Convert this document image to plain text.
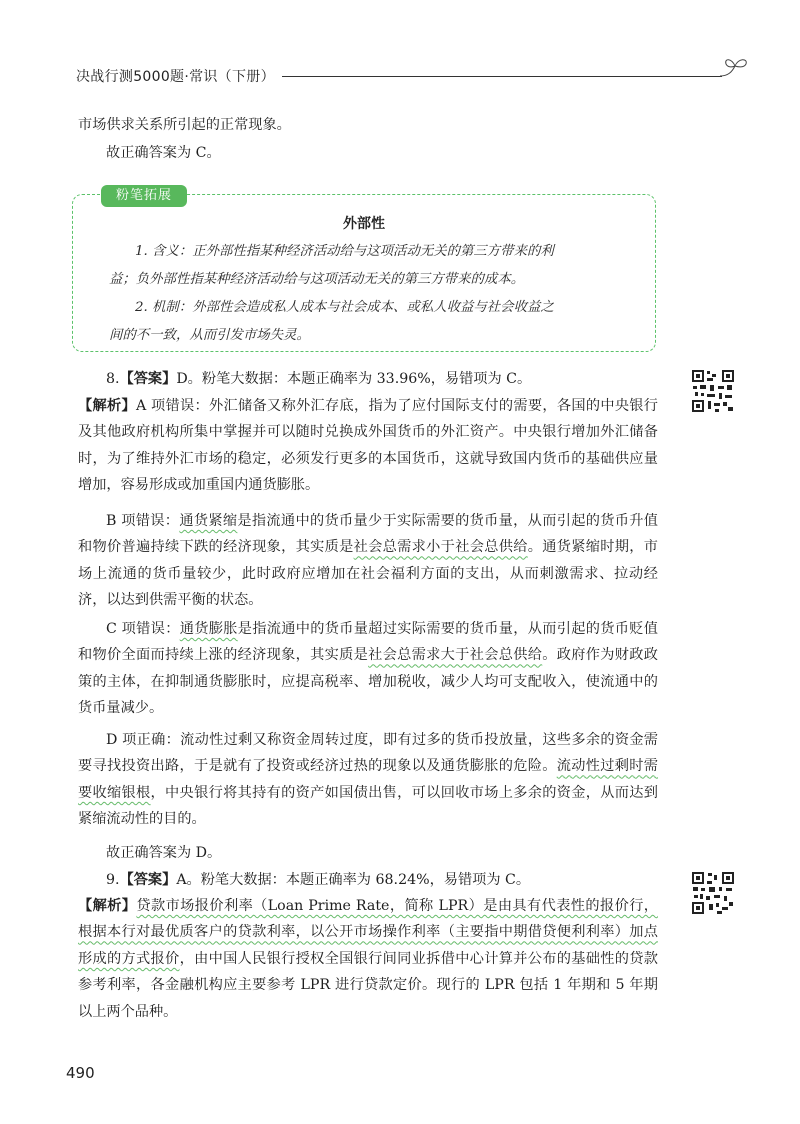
决战行测5000题·常识（下册）

市场供求关系所引起的正常现象。

故正确答案为 C。

粉笔拓展
外部性

1. 含义：正外部性指某种经济活动给与这项活动无关的第三方带来的利

益；负外部性指某种经济活动给与这项活动无关的第三方带来的成本。

2. 机制：外部性会造成私人成本与社会成本、或私人收益与社会收益之

间的不一致，从而引发市场失灵。

8.【答案】D。粉笔大数据：本题正确率为 33.96%，易错项为 C。

【解析】A 项错误：外汇储备又称外汇存底，指为了应付国际支付的需要，各国的中央银行及其他政府机构所集中掌握并可以随时兑换成外国货币的外汇资产。中央银行增加外汇储备时，为了维持外汇市场的稳定，必须发行更多的本国货币，这就导致国内货币的基础供应量增加，容易形成或加重国内通货膨胀。

B 项错误：通货紧缩是指流通中的货币量少于实际需要的货币量，从而引起的货币升值和物价普遍持续下跌的经济现象，其实质是社会总需求小于社会总供给。通货紧缩时期，市场上流通的货币量较少，此时政府应增加在社会福利方面的支出，从而刺激需求、拉动经济，以达到供需平衡的状态。

C 项错误：通货膨胀是指流通中的货币量超过实际需要的货币量，从而引起的货币贬值和物价全面而持续上涨的经济现象，其实质是社会总需求大于社会总供给。政府作为财政政策的主体，在抑制通货膨胀时，应提高税率、增加税收，减少人均可支配收入，使流通中的货币量减少。

D 项正确：流动性过剩又称资金周转过度，即有过多的货币投放量，这些多余的资金需要寻找投资出路，于是就有了投资或经济过热的现象以及通货膨胀的危险。流动性过剩时需要收缩银根，中央银行将其持有的资产如国债出售，可以回收市场上多余的资金，从而达到紧缩流动性的目的。

故正确答案为 D。

9.【答案】A。粉笔大数据：本题正确率为 68.24%，易错项为 C。

【解析】贷款市场报价利率（Loan Prime Rate，简称 LPR）是由具有代表性的报价行，根据本行对最优质客户的贷款利率，以公开市场操作利率（主要指中期借贷便利利率）加点形成的方式报价，由中国人民银行授权全国银行间同业拆借中心计算并公布的基础性的贷款参考利率，各金融机构应主要参考 LPR 进行贷款定价。现行的 LPR 包括 1 年期和 5 年期以上两个品种。

490
